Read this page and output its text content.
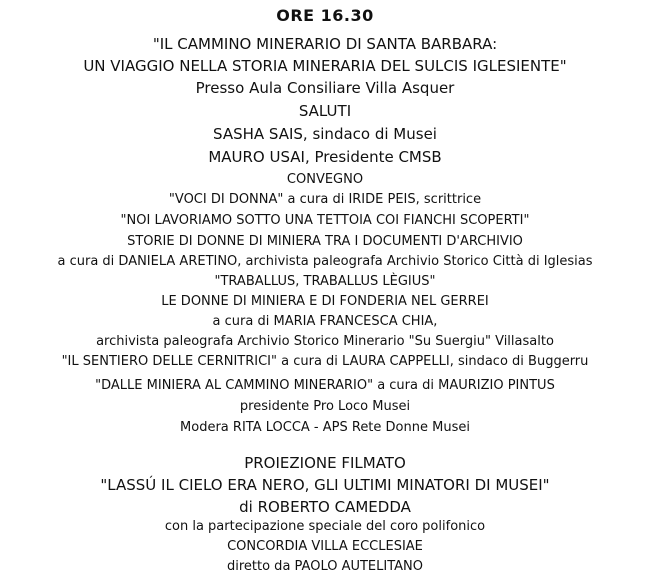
ORE 16.30
"IL CAMMINO MINERARIO DI SANTA BARBARA:
UN VIAGGIO NELLA STORIA MINERARIA DEL SULCIS IGLESIENTE"
Presso Aula Consiliare Villa Asquer
SALUTI
SASHA SAIS, sindaco di Musei
MAURO USAI, Presidente CMSB
CONVEGNO
"VOCI DI DONNA" a cura di IRIDE PEIS, scrittrice
"NOI LAVORIAMO SOTTO UNA TETTOIA COI FIANCHI SCOPERTI"
STORIE DI DONNE DI MINIERA TRA I DOCUMENTI D'ARCHIVIO
a cura di DANIELA ARETINO, archivista paleografa Archivio Storico Città di Iglesias
"TRABALLUS, TRABALLUS LÈGIUS"
LE DONNE DI MINIERA E DI FONDERIA NEL GERREI
a cura di MARIA FRANCESCA CHIA,
archivista paleografa Archivio Storico Minerario "Su Suergiu" Villasalto
"IL SENTIERO DELLE CERNITRICI" a cura di LAURA CAPPELLI, sindaco di Buggerru
"DALLE MINIERA AL CAMMINO MINERARIO" a cura di MAURIZIO PINTUS
presidente Pro Loco Musei
Modera RITA LOCCA - APS Rete Donne Musei
PROIEZIONE FILMATO
"LASSÚ IL CIELO ERA NERO, GLI ULTIMI MINATORI DI MUSEI"
di ROBERTO CAMEDDA
con la partecipazione speciale del coro polifonico
CONCORDIA VILLA ECCLESIAE
diretto da PAOLO AUTELITANO
